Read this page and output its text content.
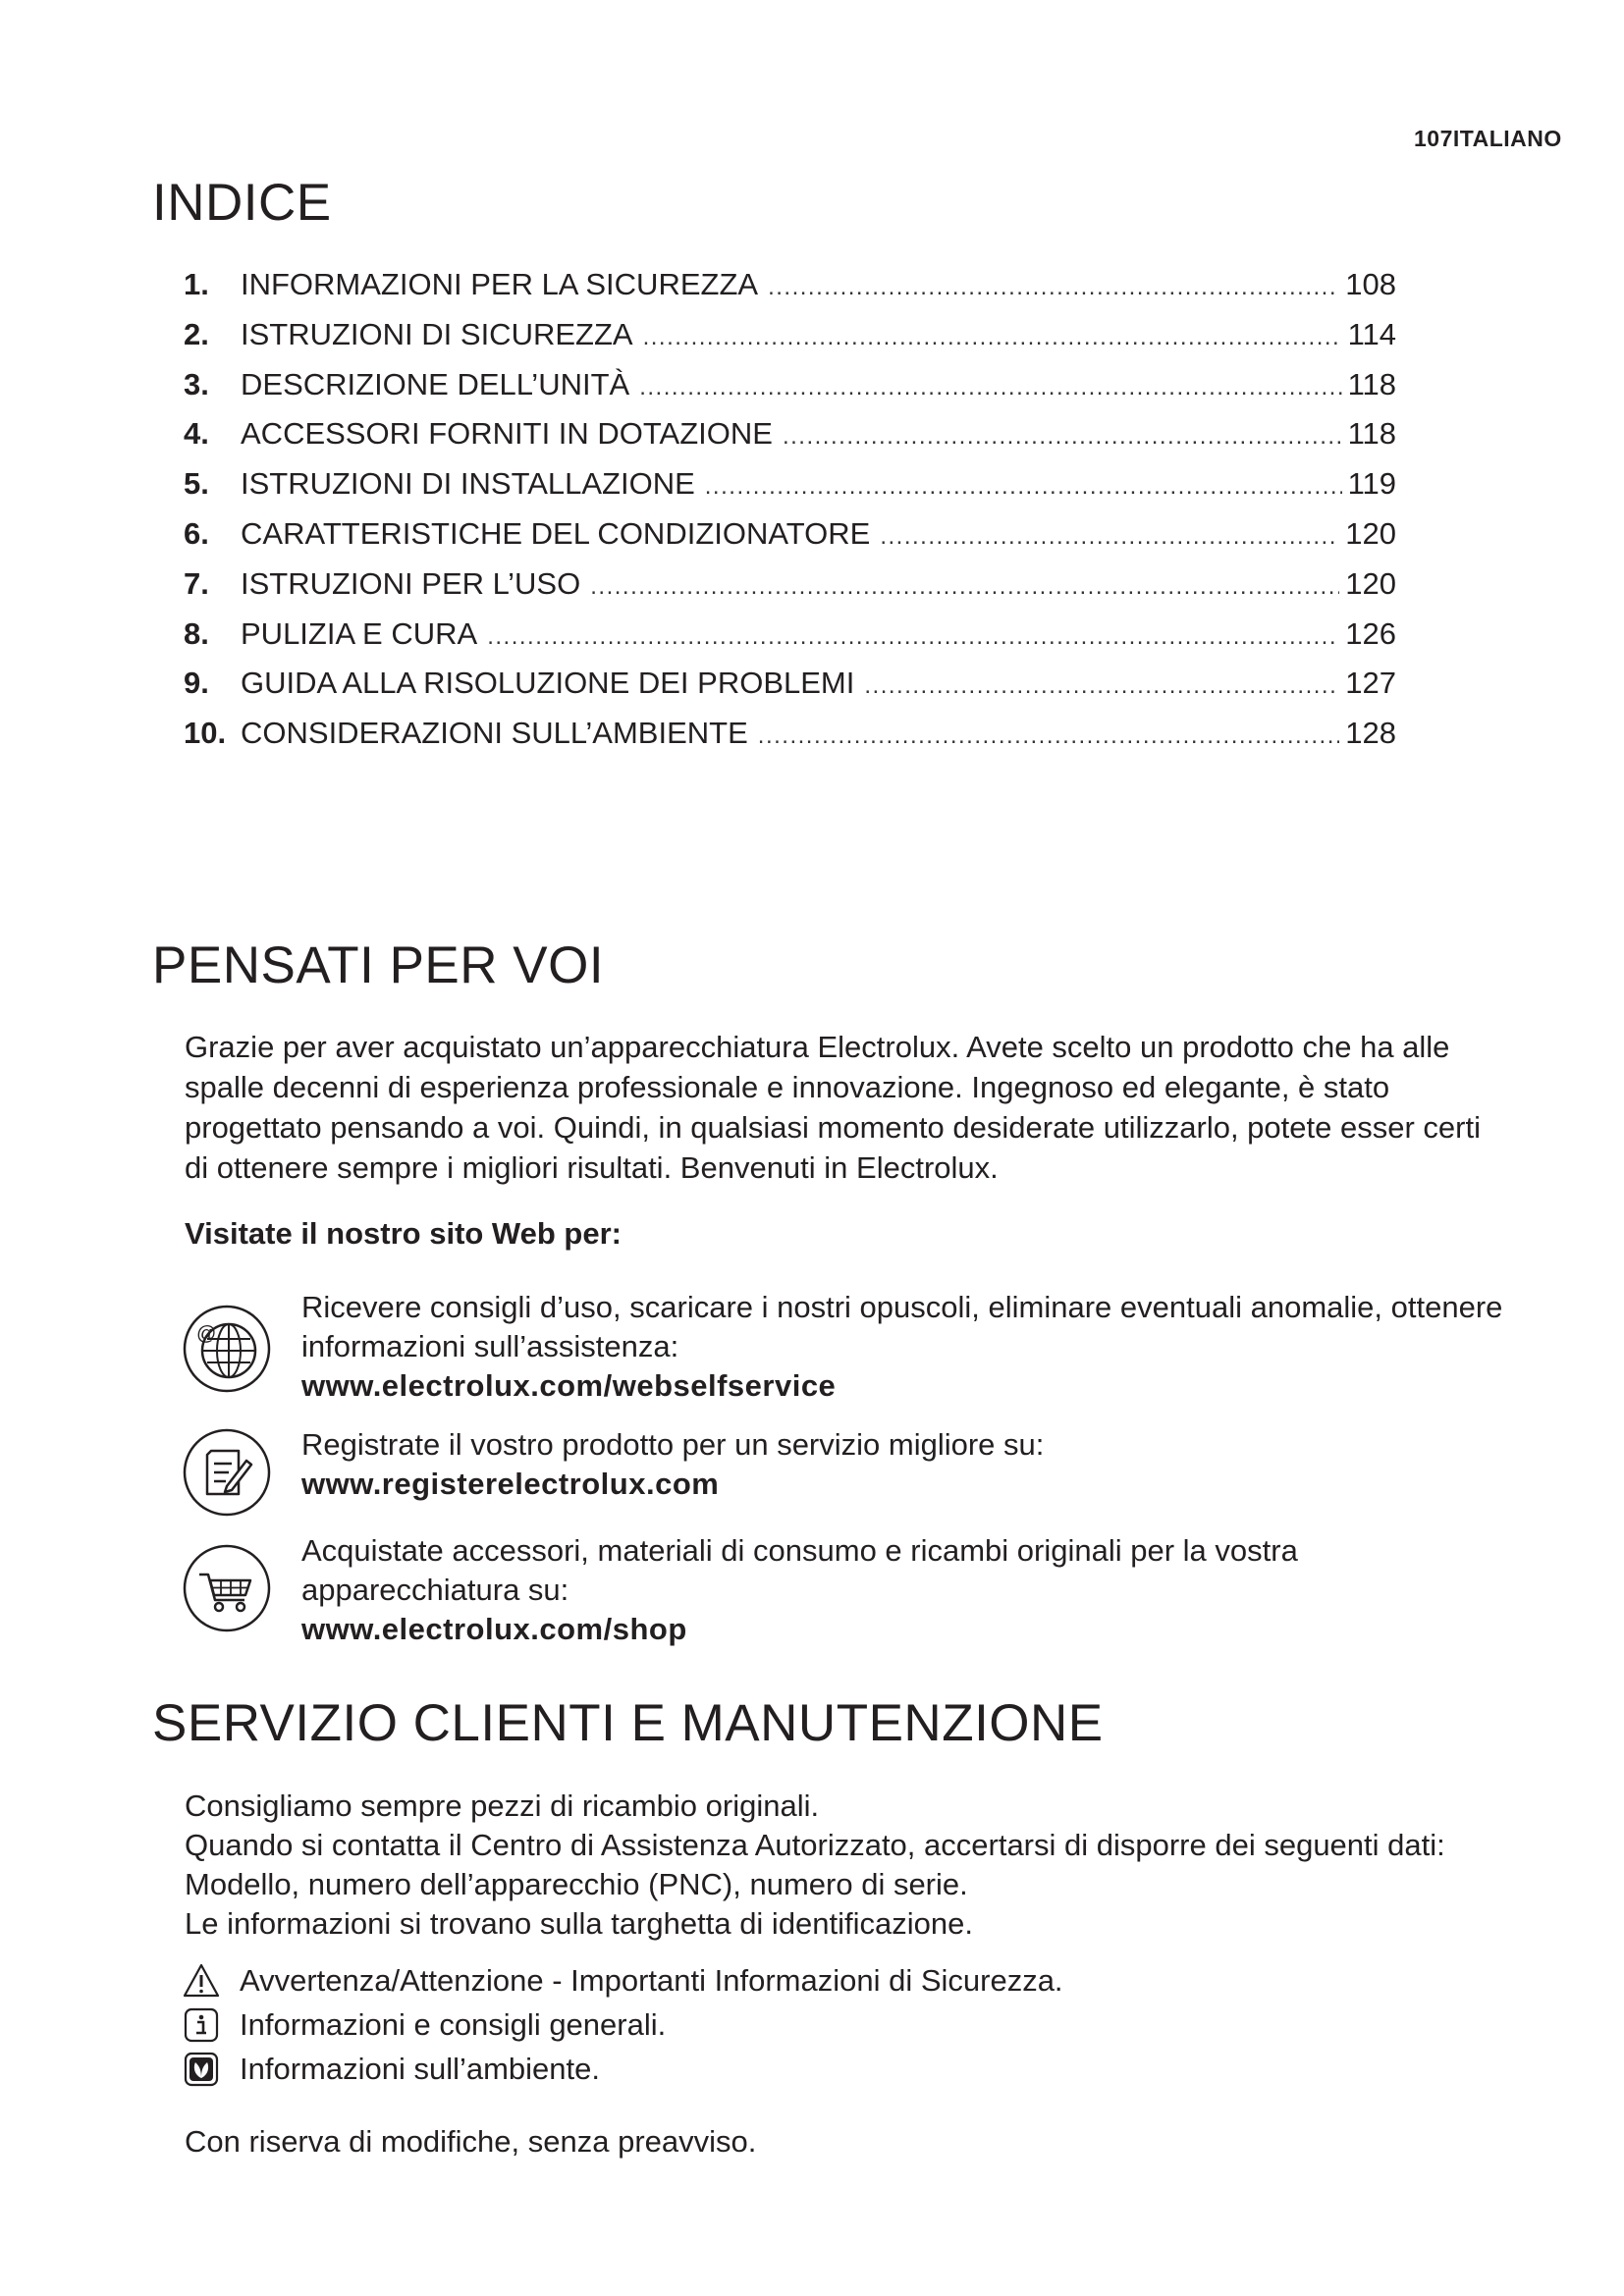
107ITALIANO
INDICE
1.	INFORMAZIONI PER LA SICUREZZA .....	108
2.	ISTRUZIONI DI SICUREZZA .....	114
3.	DESCRIZIONE DELL’UNITÀ .....	118
4.	ACCESSORI FORNITI IN DOTAZIONE .....	118
5.	ISTRUZIONI DI INSTALLAZIONE .....	119
6.	CARATTERISTICHE DEL CONDIZIONATORE .....	120
7.	ISTRUZIONI PER L’USO .....	120
8.	PULIZIA E CURA .....	126
9.	GUIDA ALLA RISOLUZIONE DEI PROBLEMI .....	127
10. CONSIDERAZIONI SULL’AMBIENTE .....	128
PENSATI PER VOI
Grazie per aver acquistato un’apparecchiatura Electrolux. Avete scelto un prodotto che ha alle spalle decenni di esperienza professionale e innovazione. Ingegnoso ed elegante, è stato progettato pensando a voi. Quindi, in qualsiasi momento desiderate utilizzarlo, potete esser certi di ottenere sempre i migliori risultati. Benvenuti in Electrolux.
Visitate il nostro sito Web per:
@
Ricevere consigli d’uso, scaricare i nostri opuscoli, eliminare eventuali anomalie, ottenere informazioni sull’assistenza:
www.electrolux.com/webselfservice
Registrate il vostro prodotto per un servizio migliore su:
www.registerelectrolux.com
Acquistate accessori, materiali di consumo e ricambi originali per la vostra apparecchiatura su:
www.electrolux.com/shop
SERVIZIO CLIENTI E MANUTENZIONE
Consigliamo sempre pezzi di ricambio originali.
Quando si contatta il Centro di Assistenza Autorizzato, accertarsi di disporre dei seguenti dati: Modello, numero dell’apparecchio (PNC), numero di serie.
Le informazioni si trovano sulla targhetta di identificazione.
Avvertenza/Attenzione - Importanti Informazioni di Sicurezza.
Informazioni e consigli generali.
Informazioni sull’ambiente.
Con riserva di modifiche, senza preavviso.
